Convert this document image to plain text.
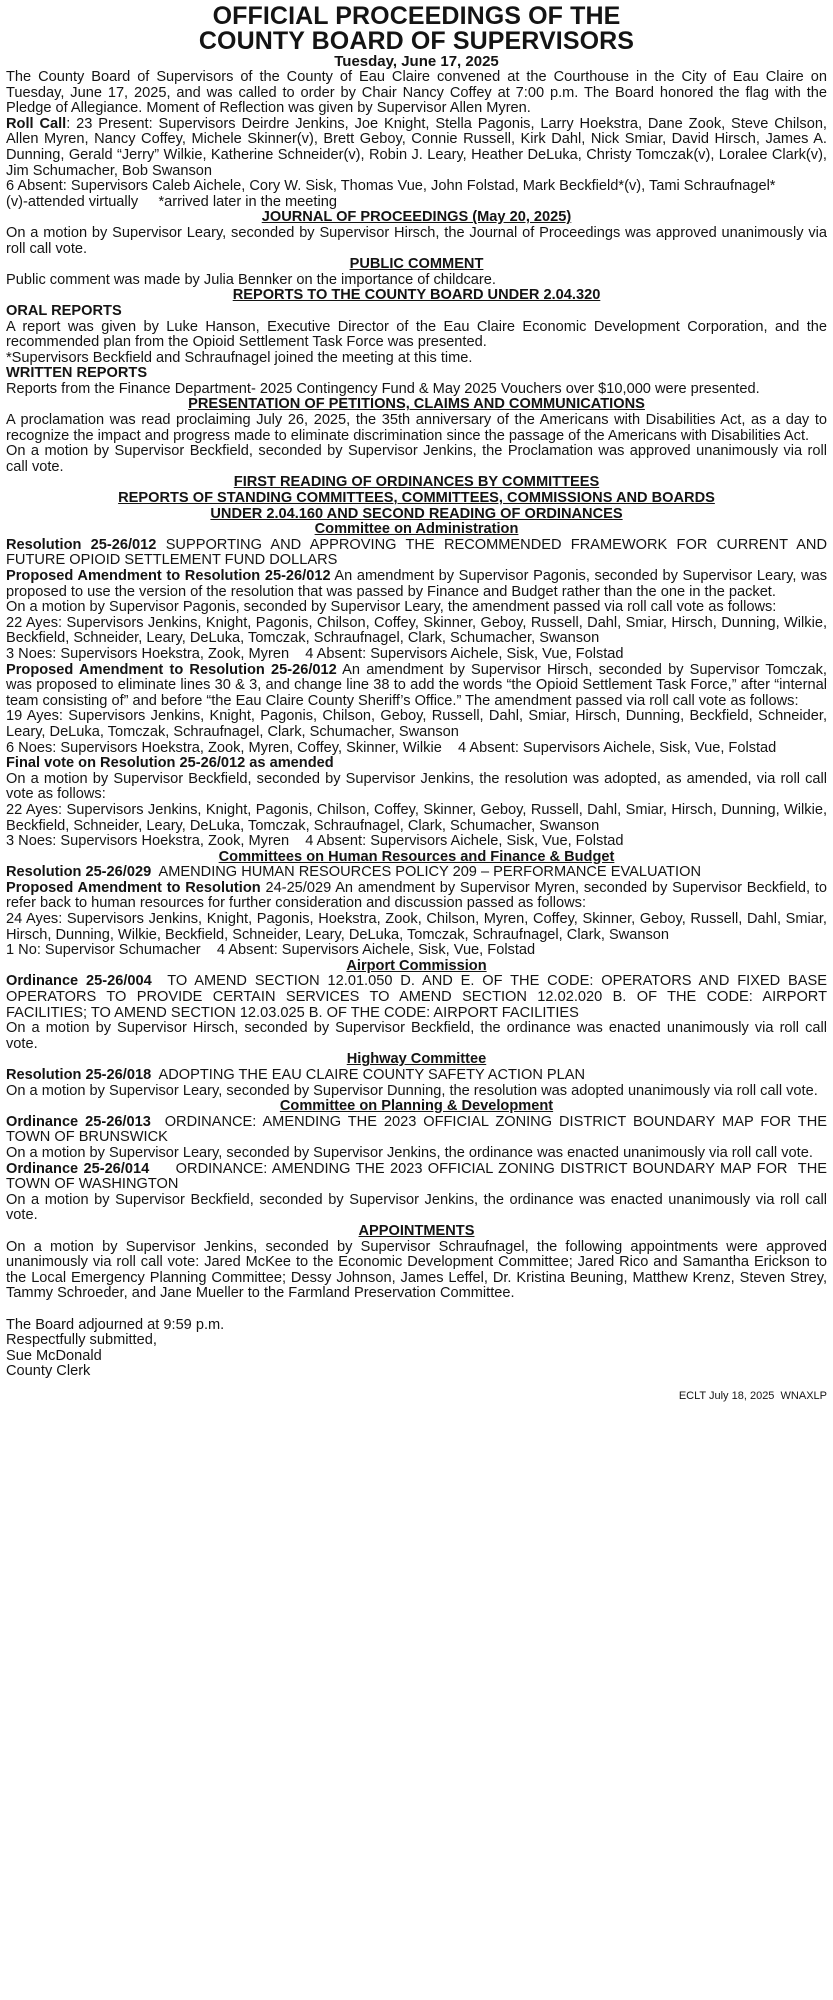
OFFICIAL PROCEEDINGS OF THE
COUNTY BOARD OF SUPERVISORS
Tuesday, June 17, 2025

The County Board of Supervisors of the County of Eau Claire convened at the Courthouse in the City of Eau Claire on Tuesday, June 17, 2025, and was called to order by Chair Nancy Coffey at 7:00 p.m. The Board honored the flag with the Pledge of Allegiance. Moment of Reflection was given by Supervisor Allen Myren.

Roll Call: 23 Present: Supervisors Deirdre Jenkins, Joe Knight, Stella Pagonis, Larry Hoekstra, Dane Zook, Steve Chilson, Allen Myren, Nancy Coffey, Michele Skinner(v), Brett Geboy, Connie Russell, Kirk Dahl, Nick Smiar, David Hirsch, James A. Dunning, Gerald “Jerry” Wilkie, Katherine Schneider(v), Robin J. Leary, Heather DeLuka, Christy Tomczak(v), Loralee Clark(v), Jim Schumacher, Bob Swanson

6 Absent: Supervisors Caleb Aichele, Cory W. Sisk, Thomas Vue, John Folstad, Mark Beckfield*(v), Tami Schraufnagel*

(v)-attended virtually     *arrived later in the meeting

JOURNAL OF PROCEEDINGS (May 20, 2025)

On a motion by Supervisor Leary, seconded by Supervisor Hirsch, the Journal of Proceedings was approved unanimously via roll call vote.

PUBLIC COMMENT

Public comment was made by Julia Bennker on the importance of childcare.

REPORTS TO THE COUNTY BOARD UNDER 2.04.320
ORAL REPORTS

A report was given by Luke Hanson, Executive Director of the Eau Claire Economic Development Corporation, and the recommended plan from the Opioid Settlement Task Force was presented.

*Supervisors Beckfield and Schraufnagel joined the meeting at this time.

WRITTEN REPORTS

Reports from the Finance Department- 2025 Contingency Fund & May 2025 Vouchers over $10,000 were presented.

PRESENTATION OF PETITIONS, CLAIMS AND COMMUNICATIONS

A proclamation was read proclaiming July 26, 2025, the 35th anniversary of the Americans with Disabilities Act, as a day to recognize the impact and progress made to eliminate discrimination since the passage of the Americans with Disabilities Act.

On a motion by Supervisor Beckfield, seconded by Supervisor Jenkins, the Proclamation was approved unanimously via roll call vote.

FIRST READING OF ORDINANCES BY COMMITTEES
REPORTS OF STANDING COMMITTEES, COMMITTEES, COMMISSIONS AND BOARDS
UNDER 2.04.160 AND SECOND READING OF ORDINANCES
Committee on Administration

Resolution 25-26/012 SUPPORTING AND APPROVING THE RECOMMENDED FRAMEWORK FOR CURRENT AND FUTURE OPIOID SETTLEMENT FUND DOLLARS

Proposed Amendment to Resolution 25-26/012 An amendment by Supervisor Pagonis, seconded by Supervisor Leary, was proposed to use the version of the resolution that was passed by Finance and Budget rather than the one in the packet.

On a motion by Supervisor Pagonis, seconded by Supervisor Leary, the amendment passed via roll call vote as follows:

22 Ayes: Supervisors Jenkins, Knight, Pagonis, Chilson, Coffey, Skinner, Geboy, Russell, Dahl, Smiar, Hirsch, Dunning, Wilkie, Beckfield, Schneider, Leary, DeLuka, Tomczak, Schraufnagel, Clark, Schumacher, Swanson

3 Noes: Supervisors Hoekstra, Zook, Myren    4 Absent: Supervisors Aichele, Sisk, Vue, Folstad

Proposed Amendment to Resolution 25-26/012 An amendment by Supervisor Hirsch, seconded by Supervisor Tomczak, was proposed to eliminate lines 30 & 3, and change line 38 to add the words “the Opioid Settlement Task Force,” after “internal team consisting of” and before “the Eau Claire County Sheriff’s Office.” The amendment passed via roll call vote as follows:

19 Ayes: Supervisors Jenkins, Knight, Pagonis, Chilson, Geboy, Russell, Dahl, Smiar, Hirsch, Dunning, Beckfield, Schneider, Leary, DeLuka, Tomczak, Schraufnagel, Clark, Schumacher, Swanson

6 Noes: Supervisors Hoekstra, Zook, Myren, Coffey, Skinner, Wilkie    4 Absent: Supervisors Aichele, Sisk, Vue, Folstad

Final vote on Resolution 25-26/012 as amended

On a motion by Supervisor Beckfield, seconded by Supervisor Jenkins, the resolution was adopted, as amended, via roll call vote as follows:

22 Ayes: Supervisors Jenkins, Knight, Pagonis, Chilson, Coffey, Skinner, Geboy, Russell, Dahl, Smiar, Hirsch, Dunning, Wilkie, Beckfield, Schneider, Leary, DeLuka, Tomczak, Schraufnagel, Clark, Schumacher, Swanson

3 Noes: Supervisors Hoekstra, Zook, Myren    4 Absent: Supervisors Aichele, Sisk, Vue, Folstad

Committees on Human Resources and Finance & Budget

Resolution 25-26/029  AMENDING HUMAN RESOURCES POLICY 209 – PERFORMANCE EVALUATION

Proposed Amendment to Resolution 24-25/029 An amendment by Supervisor Myren, seconded by Supervisor Beckfield, to refer back to human resources for further consideration and discussion passed as follows:

24 Ayes: Supervisors Jenkins, Knight, Pagonis, Hoekstra, Zook, Chilson, Myren, Coffey, Skinner, Geboy, Russell, Dahl, Smiar, Hirsch, Dunning, Wilkie, Beckfield, Schneider, Leary, DeLuka, Tomczak, Schraufnagel, Clark, Swanson

1 No: Supervisor Schumacher    4 Absent: Supervisors Aichele, Sisk, Vue, Folstad

Airport Commission

Ordinance 25-26/004  TO AMEND SECTION 12.01.050 D. AND E. OF THE CODE: OPERATORS AND FIXED BASE OPERATORS TO PROVIDE CERTAIN SERVICES TO AMEND SECTION 12.02.020 B. OF THE CODE: AIRPORT FACILITIES; TO AMEND SECTION 12.03.025 B. OF THE CODE: AIRPORT FACILITIES

On a motion by Supervisor Hirsch, seconded by Supervisor Beckfield, the ordinance was enacted unanimously via roll call vote.

Highway Committee

Resolution 25-26/018  ADOPTING THE EAU CLAIRE COUNTY SAFETY ACTION PLAN

On a motion by Supervisor Leary, seconded by Supervisor Dunning, the resolution was adopted unanimously via roll call vote.

Committee on Planning & Development

Ordinance 25-26/013  ORDINANCE: AMENDING THE 2023 OFFICIAL ZONING DISTRICT BOUNDARY MAP FOR THE TOWN OF BRUNSWICK

On a motion by Supervisor Leary, seconded by Supervisor Jenkins, the ordinance was enacted unanimously via roll call vote.

Ordinance 25-26/014     ORDINANCE: AMENDING THE 2023 OFFICIAL ZONING DISTRICT BOUNDARY MAP FOR  THE TOWN OF WASHINGTON

On a motion by Supervisor Beckfield, seconded by Supervisor Jenkins, the ordinance was enacted unanimously via roll call vote.

APPOINTMENTS

On a motion by Supervisor Jenkins, seconded by Supervisor Schraufnagel, the following appointments were approved unanimously via roll call vote: Jared McKee to the Economic Development Committee; Jared Rico and Samantha Erickson to the Local Emergency Planning Committee; Dessy Johnson, James Leffel, Dr. Kristina Beuning, Matthew Krenz, Steven Strey, Tammy Schroeder, and Jane Mueller to the Farmland Preservation Committee.

The Board adjourned at 9:59 p.m.
Respectfully submitted,
Sue McDonald
County Clerk
ECLT July 18, 2025  WNAXLP
